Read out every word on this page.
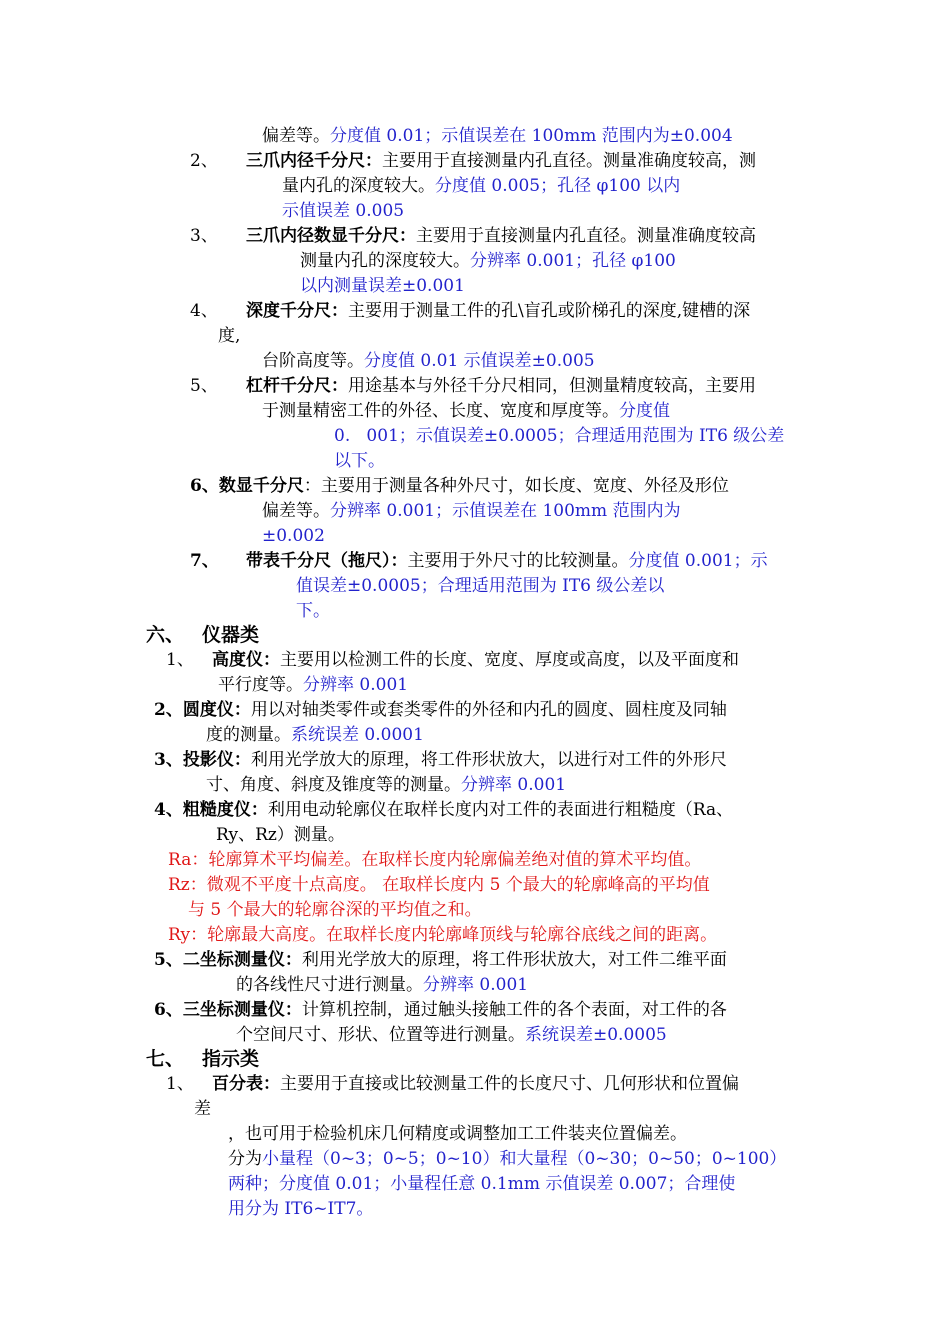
偏差等。分度值 0.01；示值误差在 100mm 范围内为±0.004
2、 三爪内径千分尺：主要用于直接测量内孔直径。测量准确度较高，测
量内孔的深度较大。分度值 0.005；孔径 φ100 以内
示值误差 0.005
3、 三爪内径数显千分尺：主要用于直接测量内孔直径。测量准确度较高
测量内孔的深度较大。分辨率 0.001；孔径 φ100
以内测量误差±0.001
4、 深度千分尺：主要用于测量工件的孔\盲孔或阶梯孔的深度,键槽的深
度,
台阶高度等。分度值 0.01 示值误差±0.005
5、 杠杆千分尺：用途基本与外径千分尺相同，但测量精度较高，主要用
于测量精密工件的外径、长度、宽度和厚度等。分度值
0.   001；示值误差±0.0005；合理适用范围为 IT6 级公差
以下。
6、数显千分尺：主要用于测量各种外尺寸，如长度、宽度、外径及形位
偏差等。分辨率 0.001；示值误差在 100mm 范围内为
±0.002
7、 带表千分尺（拖尺）：主要用于外尺寸的比较测量。分度值 0.001；示
值误差±0.0005；合理适用范围为 IT6 级公差以
下。
六、 仪器类
1、 高度仪：主要用以检测工件的长度、宽度、厚度或高度，以及平面度和
平行度等。分辨率 0.001
2、圆度仪：用以对轴类零件或套类零件的外径和内孔的圆度、圆柱度及同轴
度的测量。系统误差 0.0001
3、投影仪：利用光学放大的原理，将工件形状放大，以进行对工件的外形尺
寸、角度、斜度及锥度等的测量。分辨率 0.001
4、粗糙度仪：利用电动轮廓仪在取样长度内对工件的表面进行粗糙度（Ra、
Ry、Rz）测量。
Ra：轮廓算术平均偏差。在取样长度内轮廓偏差绝对值的算术平均值。
Rz：微观不平度十点高度。 在取样长度内 5 个最大的轮廓峰高的平均值
与 5 个最大的轮廓谷深的平均值之和。
Ry：轮廓最大高度。在取样长度内轮廓峰顶线与轮廓谷底线之间的距离。
5、二坐标测量仪：利用光学放大的原理，将工件形状放大，对工件二维平面
的各线性尺寸进行测量。分辨率 0.001
6、三坐标测量仪：计算机控制，通过触头接触工件的各个表面，对工件的各
个空间尺寸、形状、位置等进行测量。系统误差±0.0005
七、 指示类
1、 百分表：主要用于直接或比较测量工件的长度尺寸、几何形状和位置偏
差
，也可用于检验机床几何精度或调整加工工件装夹位置偏差。
分为小量程（0~3；0~5；0~10）和大量程（0~30；0~50；0~100）
两种；分度值 0.01；小量程任意 0.1mm 示值误差 0.007；合理使
用分为 IT6~IT7。
